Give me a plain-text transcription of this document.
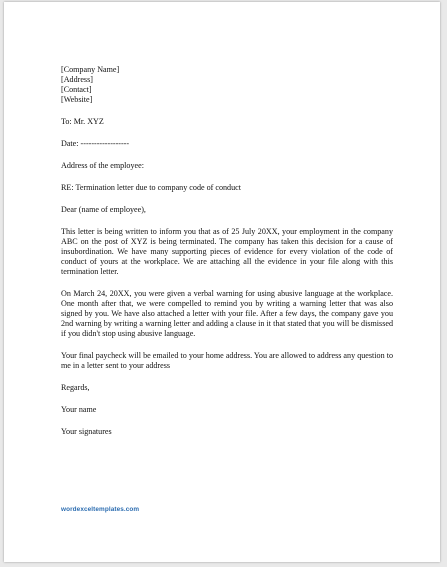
[Company Name]
[Address]
[Contact]
[Website]
To: Mr. XYZ
Date: ------------------
Address of the employee:
RE: Termination letter due to company code of conduct
Dear (name of employee),

This letter is being written to inform you that as of 25 July 20XX, your employment in the company ABC on the post of XYZ is being terminated. The company has taken this decision for a cause of insubordination. We have many supporting pieces of evidence for every violation of the code of conduct of yours at the workplace. We are attaching all the evidence in your file along with this termination letter.

On March 24, 20XX, you were given a verbal warning for using abusive language at the workplace. One month after that, we were compelled to remind you by writing a warning letter that was also signed by you. We have also attached a letter with your file. After a few days, the company gave you 2nd warning by writing a warning letter and adding a clause in it that stated that you will be dismissed if you didn't stop using abusive language.

Your final paycheck will be emailed to your home address. You are allowed to address any question to me in a letter sent to your address

Regards,
Your name
Your signatures
wordexceltemplates.com
